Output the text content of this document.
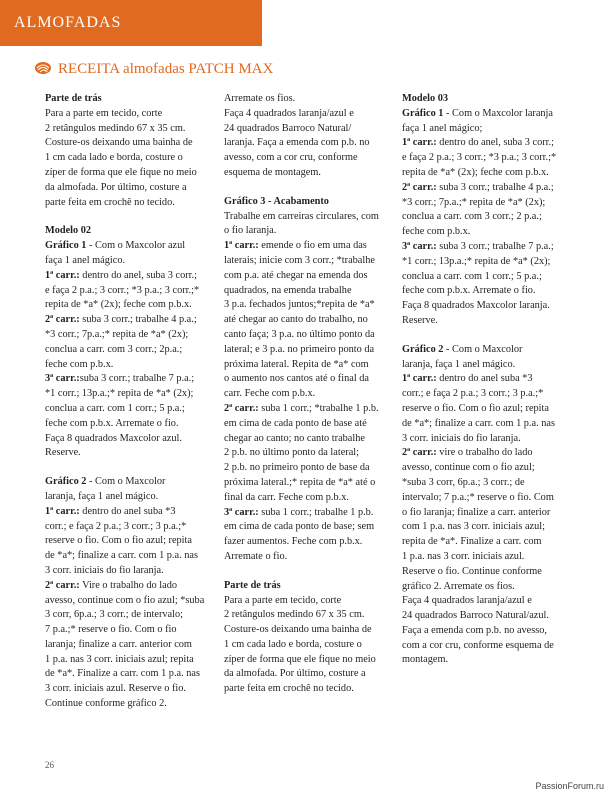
ALMOFADAS
RECEITA almofadas PATCH MAX
Parte de trás
Para a parte em tecido, corte
2 retângulos medindo 67 x 35 cm.
Costure-os deixando uma bainha de
1 cm cada lado e borda, costure o
zíper de forma que ele fique no meio
da almofada. Por último, costure a
parte feita em crochê no tecido.
Modelo 02
Gráfico 1 - Com o Maxcolor azul
faça 1 anel mágico.
1ª carr.: dentro do anel, suba 3 corr.;
e faça 2 p.a.; 3 corr.; *3 p.a.; 3 corr.;*
repita de *a* (2x); feche com p.b.x.
2ª carr.: suba 3 corr.; trabalhe 4 p.a.;
*3 corr.; 7p.a.;* repita de *a* (2x);
conclua a carr. com 3 corr.; 2p.a.;
feche com p.b.x.
3ª carr.:suba 3 corr.; trabalhe 7 p.a.;
*1 corr.; 13p.a.;* repita de *a* (2x);
conclua a carr. com 1 corr.; 5 p.a.;
feche com p.b.x. Arremate o fio.
Faça 8 quadrados Maxcolor azul.
Reserve.
Gráfico 2 - Com o Maxcolor
laranja, faça 1 anel mágico.
1ª carr.: dentro do anel suba *3
corr.; e faça 2 p.a.; 3 corr.; 3 p.a.;*
reserve o fio. Com o fio azul; repita
de *a*; finalize a carr. com 1 p.a. nas
3 corr. iniciais do fio laranja.
2ª carr.: Vire o trabalho do lado
avesso, continue com o fio azul; *suba
3 corr, 6p.a.; 3 corr.; de intervalo;
7 p.a.;* reserve o fio. Com o fio
laranja; finalize a carr. anterior com
1 p.a. nas 3 corr. iniciais azul; repita
de *a*. Finalize a carr. com 1 p.a. nas
3 corr. iniciais azul. Reserve o fio.
Continue conforme gráfico 2.
Arremate os fios.
Faça 4 quadrados laranja/azul e
24 quadrados Barroco Natural/
laranja. Faça a emenda com p.b. no
avesso, com a cor cru, conforme
esquema de montagem.
Gráfico 3 - Acabamento
Trabalhe em carreiras circulares, com
o fio laranja.
1ª carr.: emende o fio em uma das
laterais; inicie com 3 corr.; *trabalhe
com p.a. até chegar na emenda dos
quadrados, na emenda trabalhe
3 p.a. fechados juntos;*repita de *a*
até chegar ao canto do trabalho, no
canto faça; 3 p.a. no último ponto da
lateral; e 3 p.a. no primeiro ponto da
próxima lateral. Repita de *a* com
o aumento nos cantos até o final da
carr. Feche com p.b.x.
2ª carr.: suba 1 corr.; *trabalhe 1 p.b.
em cima de cada ponto de base até
chegar ao canto; no canto trabalhe
2 p.b. no último ponto da lateral;
2 p.b. no primeiro ponto de base da
próxima lateral.;* repita de *a* até o
final da carr. Feche com p.b.x.
3ª carr.: suba 1 corr.; trabalhe 1 p.b.
em cima de cada ponto de base; sem
fazer aumentos. Feche com p.b.x.
Arremate o fio.
Parte de trás
Para a parte em tecido, corte
2 retângulos medindo 67 x 35 cm.
Costure-os deixando uma bainha de
1 cm cada lado e borda, costure o
zíper de forma que ele fique no meio
da almofada. Por último, costure a
parte feita em crochê no tecido.
Modelo 03
Gráfico 1 - Com o Maxcolor laranja
faça 1 anel mágico;
1ª carr.: dentro do anel, suba 3 corr.;
e faça 2 p.a.; 3 corr.; *3 p.a.; 3 corr.;*
repita de *a* (2x); feche com p.b.x.
2ª carr.: suba 3 corr.; trabalhe 4 p.a.;
*3 corr.; 7p.a.;* repita de *a* (2x);
conclua a carr. com 3 corr.; 2 p.a.;
feche com p.b.x.
3ª carr.: suba 3 corr.; trabalhe 7 p.a.;
*1 corr.; 13p.a.;* repita de *a* (2x);
conclua a carr. com 1 corr.; 5 p.a.;
feche com p.b.x. Arremate o fio.
Faça 8 quadrados Maxcolor laranja.
Reserve.
Gráfico 2 - Com o Maxcolor
laranja, faça 1 anel mágico.
1ª carr.: dentro do anel suba *3
corr.; e faça 2 p.a.; 3 corr.; 3 p.a.;*
reserve o fio. Com o fio azul; repita
de *a*; finalize a carr. com 1 p.a. nas
3 corr. iniciais do fio laranja.
2ª carr.: vire o trabalho do lado
avesso, continue com o fio azul;
*suba 3 corr, 6p.a.; 3 corr.; de
intervalo; 7 p.a.;* reserve o fio. Com
o fio laranja; finalize a carr. anterior
com 1 p.a. nas 3 corr. iniciais azul;
repita de *a*. Finalize a carr. com
1 p.a. nas 3 corr. iniciais azul.
Reserve o fio. Continue conforme
gráfico 2. Arremate os fios.
Faça 4 quadrados laranja/azul e
24 quadrados Barroco Natural/azul.
Faça a emenda com p.b. no avesso,
com a cor cru, conforme esquema de
montagem.
26
PassionForum.ru
